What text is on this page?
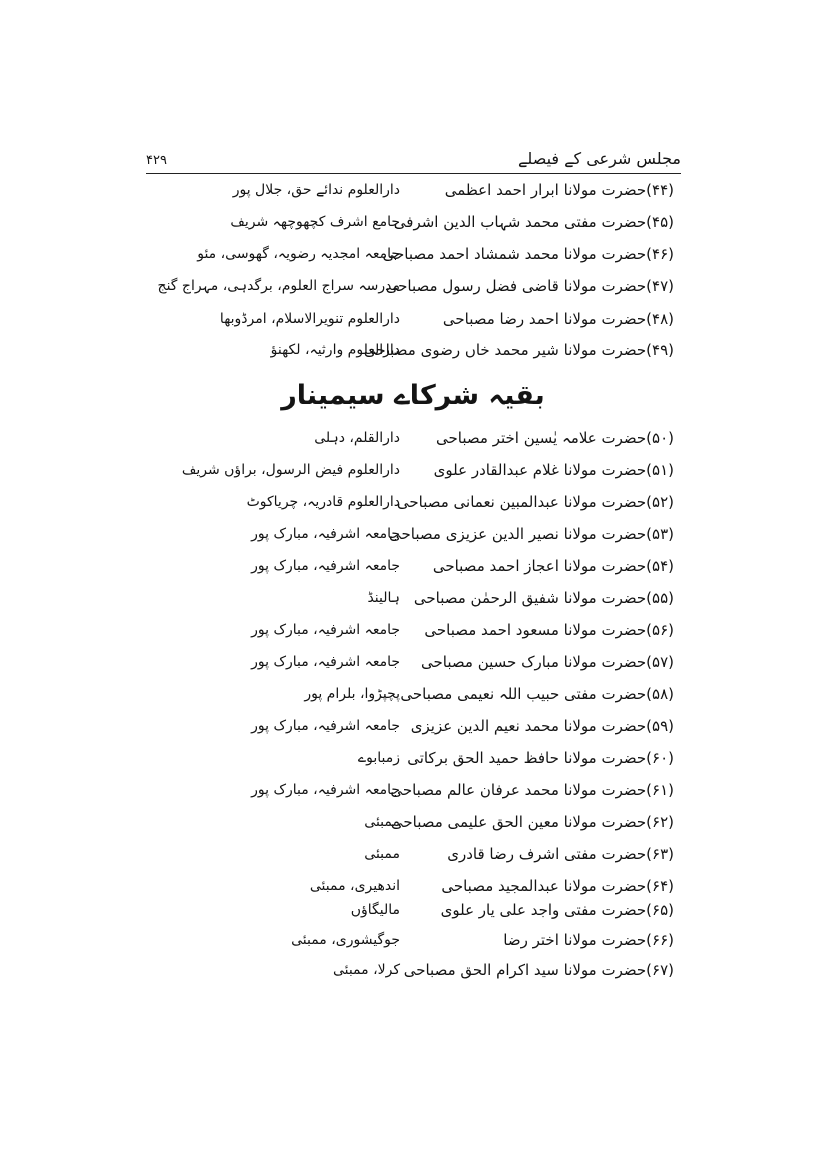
مجلس شرعی کے فیصلے
۴۲۹
(۴۴)حضرت مولانا ابرار احمد اعظمی
دارالعلوم ندائے حق، جلال پور
(۴۵)حضرت مفتی محمد شہاب الدین اشرفی
جامع اشرف کچھوچھہ شریف
(۴۶)حضرت مولانا محمد شمشاد احمد مصباحی
جامعہ امجدیہ رضویہ، گھوسی، مئو
(۴۷)حضرت مولانا قاضی فضل رسول مصباحی
مدرسہ سراج العلوم، برگدہی، مہراج گنج
(۴۸)حضرت مولانا احمد رضا مصباحی
دارالعلوم تنویرالاسلام، امرڈوبھا
(۴۹)حضرت مولانا شیر محمد خاں رضوی مصباحی
دارالعلوم وارثیہ، لکھنؤ
بقیہ شرکاے سیمینار
(۵۰)حضرت علامہ یٰسین اختر مصباحی
دارالقلم، دہلی
(۵۱)حضرت مولانا غلام عبدالقادر علوی
دارالعلوم فیض الرسول، براؤں شریف
(۵۲)حضرت مولانا عبدالمبین نعمانی مصباحی
دارالعلوم قادریہ، چریاکوٹ
(۵۳)حضرت مولانا نصیر الدین عزیزی مصباحی
جامعہ اشرفیہ، مبارک پور
(۵۴)حضرت مولانا اعجاز احمد مصباحی
جامعہ اشرفیہ، مبارک پور
(۵۵)حضرت مولانا شفیق الرحمٰن مصباحی
ہالینڈ
(۵۶)حضرت مولانا مسعود احمد مصباحی
جامعہ اشرفیہ، مبارک پور
(۵۷)حضرت مولانا مبارک حسین مصباحی
جامعہ اشرفیہ، مبارک پور
(۵۸)حضرت مفتی حبیب اللہ نعیمی مصباحی
پچپڑوا، بلرام پور
(۵۹)حضرت مولانا محمد نعیم الدین عزیزی
جامعہ اشرفیہ، مبارک پور
(۶۰)حضرت مولانا حافظ حمید الحق برکاتی
زمبابوے
(۶۱)حضرت مولانا محمد عرفان عالم مصباحی
جامعہ اشرفیہ، مبارک پور
(۶۲)حضرت مولانا معین الحق علیمی مصباحی
ممبئی
(۶۳)حضرت مفتی اشرف رضا قادری
ممبئی
(۶۴)حضرت مولانا عبدالمجید مصباحی
اندھیری، ممبئی
(۶۵)حضرت مفتی واجد علی یار علوی
مالیگاؤں
(۶۶)حضرت مولانا اختر رضا
جوگیشوری، ممبئی
(۶۷)حضرت مولانا سید اکرام الحق مصباحی
کرلا، ممبئی
